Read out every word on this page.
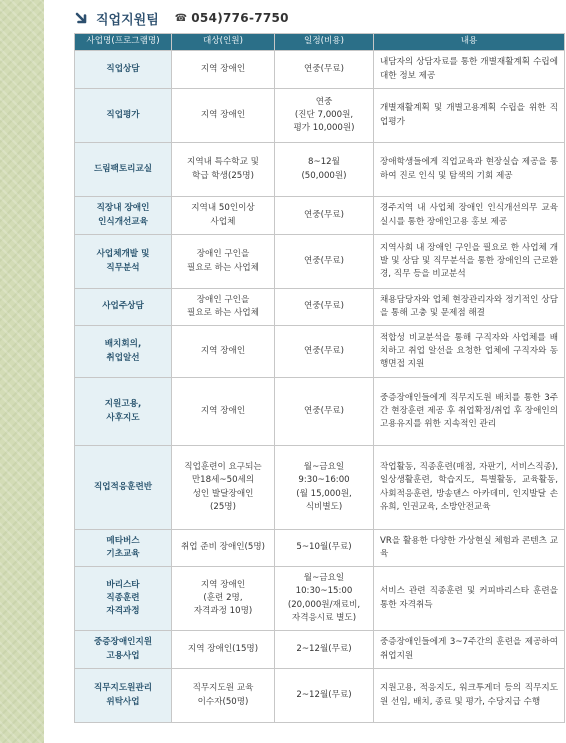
직업지원팀 ☎ 054)776-7750
사업명(프로그램명)	대상(인원)	일정(비용)	내용
직업상담	지역 장애인	연중(무료)	내담자의 상담자료를 통한 개별재활계획 수립에 대한 정보 제공
직업평가	지역 장애인	연중
(진단 7,000원,
평가 10,000원)	개별재활계획 및 개별고용계획 수립을 위한 직업평가
드림팩토리교실	지역내 특수학교 및
학급 학생(25명)	8~12월
(50,000원)	장애학생들에게 직업교육과 현장실습 제공을 통하여 진로 인식 및 탐색의 기회 제공
직장내 장애인
인식개선교육	지역내 50인이상
사업체	연중(무료)	경주지역 내 사업체 장애인 인식개선의무 교육 실시를 통한 장애인고용 홍보 제공
사업체개발 및
직무분석	장애인 구인을
필요로 하는 사업체	연중(무료)	지역사회 내 장애인 구인을 필요로 한 사업체 개발 및 상담 및 직무분석을 통한 장애인의 근로환경, 직무 등을 비교분석
사업주상담	장애인 구인을
필요로 하는 사업체	연중(무료)	채용담당자와 업체 현장관리자와 정기적인 상담을 통해 고충 및 문제점 해결
배치회의,
취업알선	지역 장애인	연중(무료)	적합성 비교분석을 통해 구직자와 사업체를 배치하고 취업 알선을 요청한 업체에 구직자와 동행면접 지원
지원고용,
사후지도	지역 장애인	연중(무료)	중증장애인들에게 직무지도원 배치를 통한 3주간 현장훈련 제공 후 취업확정/취업 후 장애인의 고용유지를 위한 지속적인 관리
직업적응훈련반	직업훈련이 요구되는
만18세~50세의
성인 발달장애인
(25명)	월~금요일
9:30~16:00
(월 15,000원,
식비별도)	작업활동, 직종훈련(매점, 자판기, 서비스직종), 일상생활훈련, 학습지도, 특별활동, 교육활동, 사회적응훈련, 방송댄스 아카데미, 인지발달 손 유희, 인권교육, 소방안전교육
메타버스
기초교육	취업 준비 장애인(5명)	5~10월(무료)	VR을 활용한 다양한 가상현실 체험과 콘텐츠 교육
바리스타
직종훈련
자격과정	지역 장애인
(훈련 2명,
자격과정 10명)	월~금요일
10:30~15:00
(20,000원/재료비,
자격응시료 별도)	서비스 관련 직종훈련 및 커피바리스타 훈련을 통한 자격취득
중증장애인지원
고용사업	지역 장애인(15명)	2~12월(무료)	중증장애인들에게 3~7주간의 훈련을 제공하여 취업지원
직무지도원관리
위탁사업	직무지도원 교육
이수자(50명)	2~12월(무료)	지원고용, 적응지도, 워크투게더 등의 직무지도원 선임, 배치, 종료 및 평가, 수당지급 수행
